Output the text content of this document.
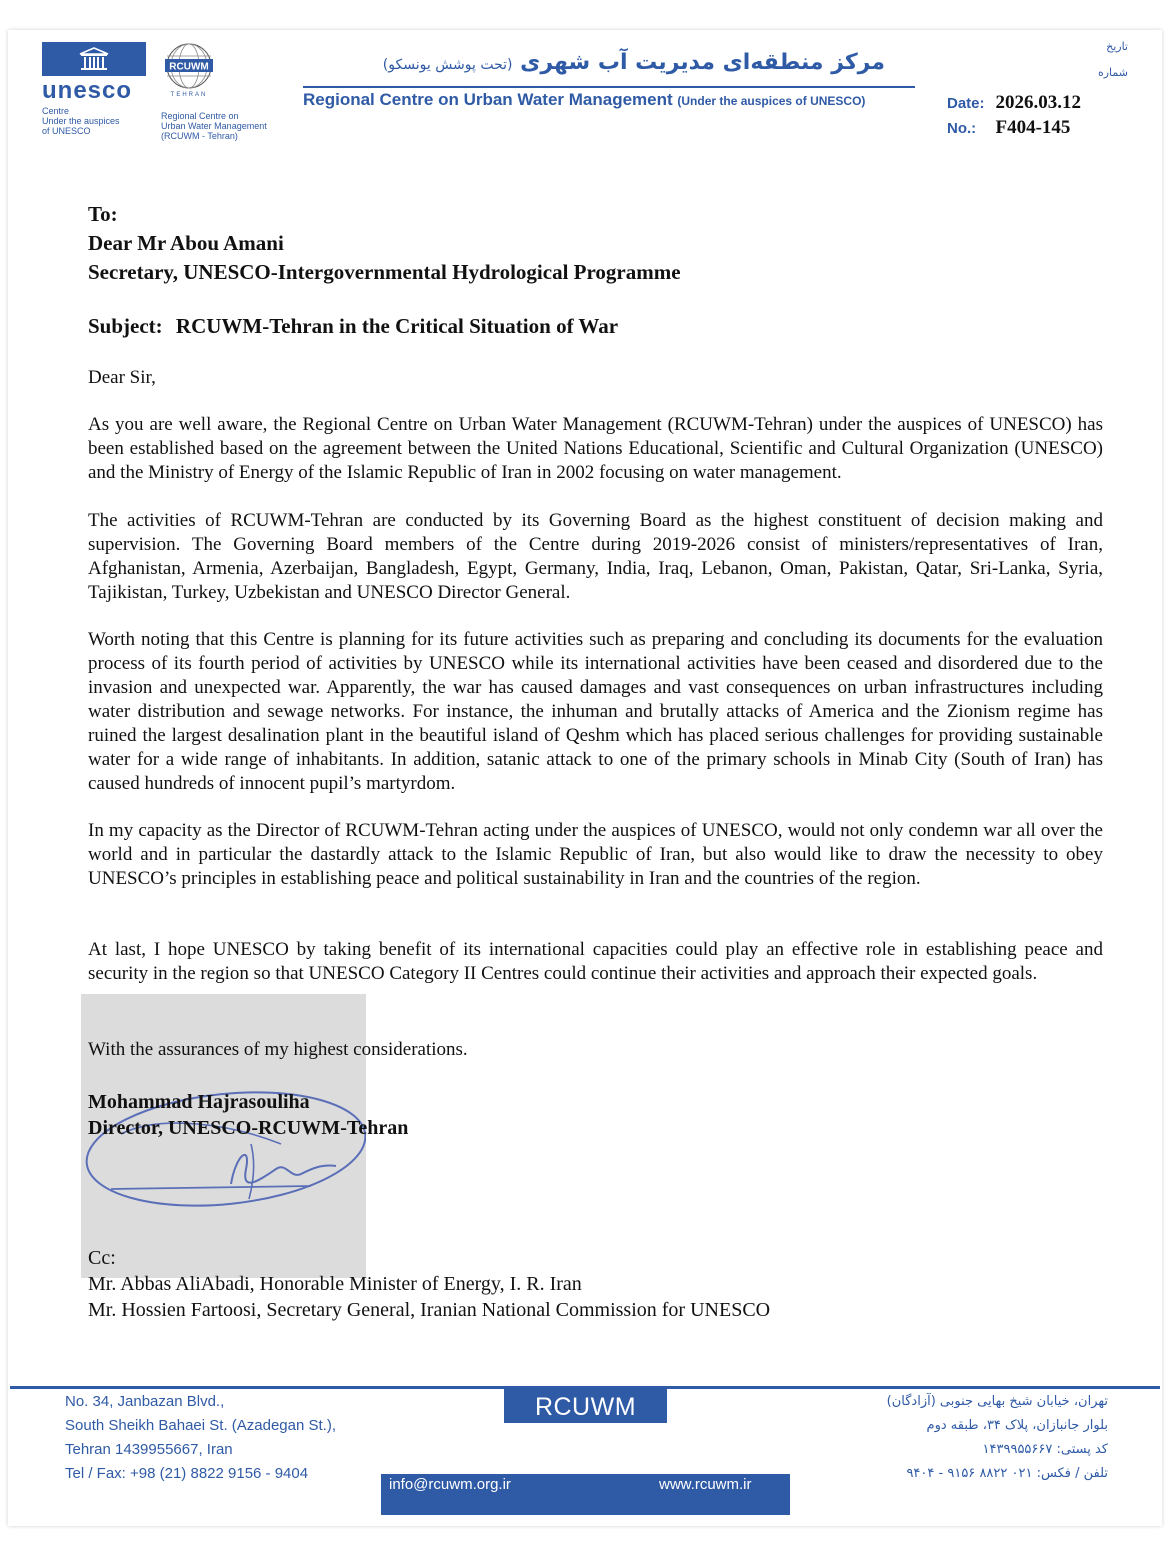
unesco
Centre
Under the auspices
of UNESCO
RCUWM
TEHRAN
Regional Centre on
Urban Water Management
(RCUWM - Tehran)
مرکز منطقه‌ای مدیریت آب شهری (تحت پوشش یونسکو)
Regional Centre on Urban Water Management (Under the auspices of UNESCO)
تاریخ
شماره
Date: 2026.03.12
No.: F404-145
To:
Dear Mr Abou Amani
Secretary, UNESCO-Intergovernmental Hydrological Programme
Subject: RCUWM-Tehran in the Critical Situation of War
Dear Sir,
As you are well aware, the Regional Centre on Urban Water Management (RCUWM-Tehran) under the auspices of UNESCO) has been established based on the agreement between the United Nations Educational, Scientific and Cultural Organization (UNESCO) and the Ministry of Energy of the Islamic Republic of Iran in 2002 focusing on water management.
The activities of RCUWM-Tehran are conducted by its Governing Board as the highest constituent of decision making and supervision. The Governing Board members of the Centre during 2019-2026 consist of ministers/representatives of Iran, Afghanistan, Armenia, Azerbaijan, Bangladesh, Egypt, Germany, India, Iraq, Lebanon, Oman, Pakistan, Qatar, Sri-Lanka, Syria, Tajikistan, Turkey, Uzbekistan and UNESCO Director General.
Worth noting that this Centre is planning for its future activities such as preparing and concluding its documents for the evaluation process of its fourth period of activities by UNESCO while its international activities have been ceased and disordered due to the invasion and unexpected war. Apparently, the war has caused damages and vast consequences on urban infrastructures including water distribution and sewage networks. For instance, the inhuman and brutally attacks of America and the Zionism regime has ruined the largest desalination plant in the beautiful island of Qeshm which has placed serious challenges for providing sustainable water for a wide range of inhabitants. In addition, satanic attack to one of the primary schools in Minab City (South of Iran) has caused hundreds of innocent pupil’s martyrdom.
In my capacity as the Director of RCUWM-Tehran acting under the auspices of UNESCO, would not only condemn war all over the world and in particular the dastardly attack to the Islamic Republic of Iran, but also would like to draw the necessity to obey UNESCO’s principles in establishing peace and political sustainability in Iran and the countries of the region.
At last, I hope UNESCO by taking benefit of its international capacities could play an effective role in establishing peace and security in the region so that UNESCO Category II Centres could continue their activities and approach their expected goals.
With the assurances of my highest considerations.
Mohammad Hajrasouliha
Director, UNESCO-RCUWM-Tehran
Cc:
Mr. Abbas AliAbadi, Honorable Minister of Energy, I. R. Iran
Mr. Hossien Fartoosi, Secretary General, Iranian National Commission for UNESCO
No. 34, Janbazan Blvd.,
South Sheikh Bahaei St. (Azadegan St.),
Tehran 1439955667, Iran
Tel / Fax: +98 (21) 8822 9156 - 9404
RCUWM	تهران، خیابان شیخ بهایی جنوبی (آزادگان)
بلوار جانبازان، پلاک ۳۴، طبقه دوم
کد پستی: ۱۴۳۹۹۵۵۶۶۷
تلفن / فکس: ۰۲۱ ۸۸۲۲ ۹۱۵۶ - ۹۴۰۴
info@rcuwm.org.ir	www.rcuwm.ir
